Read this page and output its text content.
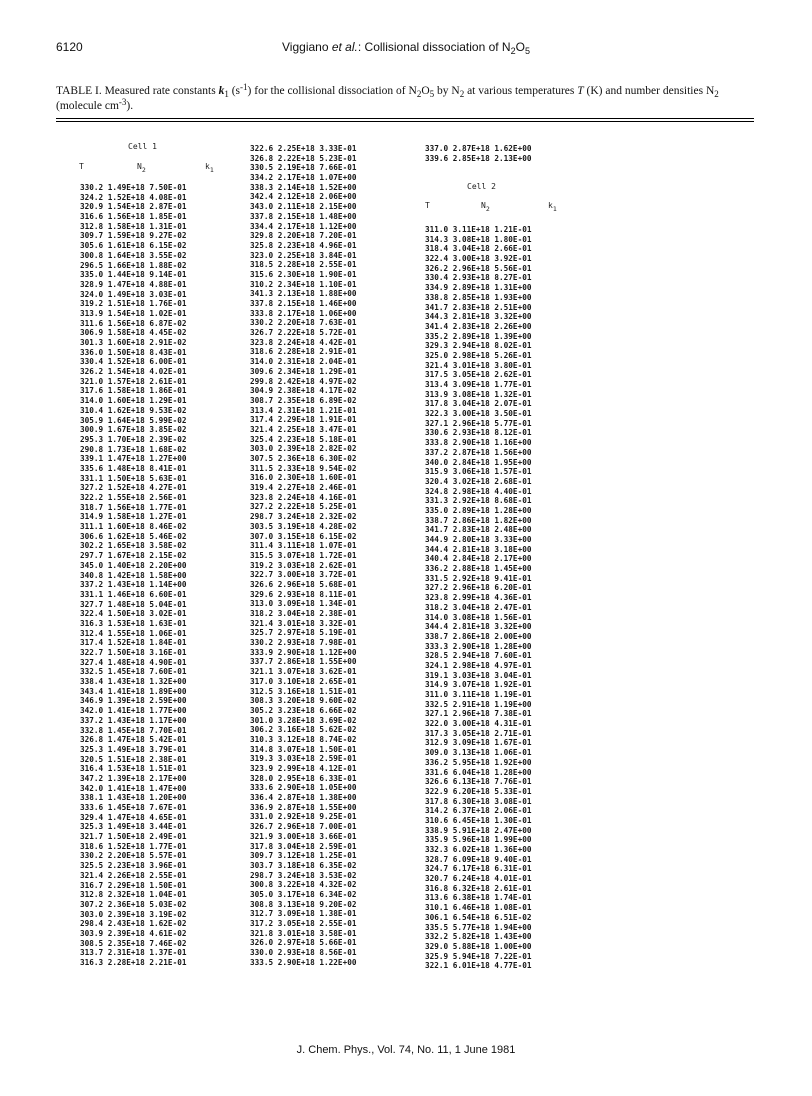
6120	Viggiano et al.: Collisional dissociation of $N_2O_5$
TABLE I. Measured rate constants $k_1$ $(s^{-1})$ for the collisional dissociation of $N_2O_5$ by $N_2$ at various temperatures T (K) and number densities $N_2$ (molecule $cm^{-3}$).
Cell 1
T	$N_2$	$k_1$
Cell 2
T	$N_2$	$k_1$
330.2 1.49E+18 7.50E-01
324.2 1.52E+18 4.08E-01
320.9 1.54E+18 2.87E-01
316.6 1.56E+18 1.85E-01
312.8 1.58E+18 1.31E-01
309.7 1.59E+18 9.27E-02
305.6 1.61E+18 6.15E-02
300.8 1.64E+18 3.55E-02
296.5 1.66E+18 1.88E-02
335.0 1.44E+18 9.14E-01
328.9 1.47E+18 4.88E-01
324.0 1.49E+18 3.03E-01
319.2 1.51E+18 1.76E-01
313.9 1.54E+18 1.02E-01
311.6 1.56E+18 6.87E-02
306.9 1.58E+18 4.45E-02
301.3 1.60E+18 2.91E-02
336.0 1.50E+18 8.43E-01
330.4 1.52E+18 6.00E-01
326.2 1.54E+18 4.02E-01
321.0 1.57E+18 2.61E-01
317.6 1.58E+18 1.86E-01
314.0 1.60E+18 1.29E-01
310.4 1.62E+18 9.53E-02
305.9 1.64E+18 5.99E-02
300.9 1.67E+18 3.85E-02
295.3 1.70E+18 2.39E-02
290.8 1.73E+18 1.68E-02
339.1 1.47E+18 1.27E+00
335.6 1.48E+18 8.41E-01
331.1 1.50E+18 5.63E-01
327.2 1.52E+18 4.27E-01
322.2 1.55E+18 2.56E-01
318.7 1.56E+18 1.77E-01
314.9 1.58E+18 1.27E-01
311.1 1.60E+18 8.46E-02
306.6 1.62E+18 5.46E-02
302.2 1.65E+18 3.58E-02
297.7 1.67E+18 2.15E-02
345.0 1.40E+18 2.20E+00
340.8 1.42E+18 1.58E+00
337.2 1.43E+18 1.14E+00
331.1 1.46E+18 6.60E-01
327.7 1.48E+18 5.04E-01
322.4 1.50E+18 3.02E-01
316.3 1.53E+18 1.63E-01
312.4 1.55E+18 1.06E-01
317.4 1.52E+18 1.84E-01
322.7 1.50E+18 3.16E-01
327.4 1.48E+18 4.90E-01
332.5 1.45E+18 7.60E-01
338.4 1.43E+18 1.32E+00
343.4 1.41E+18 1.89E+00
346.9 1.39E+18 2.59E+00
342.0 1.41E+18 1.77E+00
337.2 1.43E+18 1.17E+00
332.8 1.45E+18 7.70E-01
326.8 1.47E+18 5.42E-01
325.3 1.49E+18 3.79E-01
320.5 1.51E+18 2.38E-01
316.4 1.53E+18 1.51E-01
347.2 1.39E+18 2.17E+00
342.0 1.41E+18 1.47E+00
338.1 1.43E+18 1.20E+00
333.6 1.45E+18 7.67E-01
329.4 1.47E+18 4.65E-01
325.3 1.49E+18 3.44E-01
321.7 1.50E+18 2.49E-01
318.6 1.52E+18 1.77E-01
330.2 2.20E+18 5.57E-01
325.5 2.23E+18 3.96E-01
321.4 2.26E+18 2.55E-01
316.7 2.29E+18 1.50E-01
312.8 2.32E+18 1.04E-01
307.2 2.36E+18 5.03E-02
303.0 2.39E+18 3.19E-02
298.4 2.43E+18 1.62E-02
303.9 2.39E+18 4.61E-02
308.5 2.35E+18 7.46E-02
313.7 2.31E+18 1.37E-01
316.3 2.28E+18 2.21E-01
322.6 2.25E+18 3.33E-01
326.8 2.22E+18 5.23E-01
330.5 2.19E+18 7.66E-01
334.2 2.17E+18 1.07E+00
338.3 2.14E+18 1.52E+00
342.4 2.12E+18 2.06E+00
343.0 2.11E+18 2.15E+00
337.8 2.15E+18 1.48E+00
334.4 2.17E+18 1.12E+00
329.8 2.20E+18 7.20E-01
325.8 2.23E+18 4.96E-01
323.0 2.25E+18 3.84E-01
318.5 2.28E+18 2.55E-01
315.6 2.30E+18 1.90E-01
310.2 2.34E+18 1.10E-01
341.3 2.13E+18 1.88E+00
337.8 2.15E+18 1.46E+00
333.8 2.17E+18 1.06E+00
330.2 2.20E+18 7.63E-01
326.7 2.22E+18 5.72E-01
323.8 2.24E+18 4.42E-01
318.6 2.28E+18 2.91E-01
314.0 2.31E+18 2.04E-01
309.6 2.34E+18 1.29E-01
299.8 2.42E+18 4.97E-02
304.9 2.38E+18 4.17E-02
308.7 2.35E+18 6.89E-02
313.4 2.31E+18 1.21E-01
317.4 2.29E+18 1.91E-01
321.4 2.25E+18 3.47E-01
325.4 2.23E+18 5.18E-01
303.0 2.39E+18 2.82E-02
307.5 2.36E+18 6.30E-02
311.5 2.33E+18 9.54E-02
316.0 2.30E+18 1.60E-01
319.4 2.27E+18 2.46E-01
323.8 2.24E+18 4.16E-01
327.2 2.22E+18 5.25E-01
298.7 3.24E+18 2.32E-02
303.5 3.19E+18 4.28E-02
307.0 3.15E+18 6.15E-02
311.4 3.11E+18 1.07E-01
315.5 3.07E+18 1.72E-01
319.2 3.03E+18 2.62E-01
322.7 3.00E+18 3.72E-01
326.6 2.96E+18 5.68E-01
329.6 2.93E+18 8.11E-01
313.0 3.09E+18 1.34E-01
318.2 3.04E+18 2.38E-01
321.4 3.01E+18 3.32E-01
325.7 2.97E+18 5.19E-01
330.2 2.93E+18 7.98E-01
333.9 2.90E+18 1.12E+00
337.7 2.86E+18 1.55E+00
321.1 3.07E+18 3.62E-01
317.0 3.10E+18 2.65E-01
312.5 3.16E+18 1.51E-01
308.3 3.20E+18 9.60E-02
305.2 3.23E+18 6.66E-02
301.0 3.28E+18 3.69E-02
306.2 3.16E+18 5.62E-02
310.3 3.12E+18 8.74E-02
314.8 3.07E+18 1.50E-01
319.3 3.03E+18 2.59E-01
323.9 2.99E+18 4.12E-01
328.0 2.95E+18 6.33E-01
333.6 2.90E+18 1.05E+00
336.4 2.87E+18 1.38E+00
336.9 2.87E+18 1.55E+00
331.0 2.92E+18 9.25E-01
326.7 2.96E+18 7.00E-01
321.9 3.00E+18 3.66E-01
317.8 3.04E+18 2.59E-01
309.7 3.12E+18 1.25E-01
303.7 3.18E+18 6.35E-02
298.7 3.24E+18 3.53E-02
300.8 3.22E+18 4.32E-02
305.0 3.17E+18 6.34E-02
308.8 3.13E+18 9.20E-02
312.7 3.09E+18 1.38E-01
317.2 3.05E+18 2.55E-01
321.8 3.01E+18 3.58E-01
326.0 2.97E+18 5.66E-01
330.0 2.93E+18 8.56E-01
333.5 2.90E+18 1.22E+00
337.0 2.87E+18 1.62E+00
339.6 2.85E+18 2.13E+00
311.0 3.11E+18 1.21E-01
314.3 3.08E+18 1.80E-01
318.4 3.04E+18 2.66E-01
322.4 3.00E+18 3.92E-01
326.2 2.96E+18 5.56E-01
330.4 2.93E+18 8.27E-01
334.9 2.89E+18 1.31E+00
338.8 2.85E+18 1.93E+00
341.7 2.83E+18 2.51E+00
344.3 2.81E+18 3.32E+00
341.4 2.83E+18 2.26E+00
335.2 2.89E+18 1.39E+00
329.3 2.94E+18 8.02E-01
325.0 2.98E+18 5.26E-01
321.4 3.01E+18 3.80E-01
317.5 3.05E+18 2.62E-01
313.4 3.09E+18 1.77E-01
313.9 3.08E+18 1.32E-01
317.8 3.04E+18 2.07E-01
322.3 3.00E+18 3.50E-01
327.1 2.96E+18 5.77E-01
330.6 2.93E+18 8.12E-01
333.8 2.90E+18 1.16E+00
337.2 2.87E+18 1.56E+00
340.0 2.84E+18 1.95E+00
315.9 3.06E+18 1.57E-01
320.4 3.02E+18 2.68E-01
324.8 2.98E+18 4.40E-01
331.3 2.92E+18 8.68E-01
335.0 2.89E+18 1.28E+00
338.7 2.86E+18 1.82E+00
341.7 2.83E+18 2.48E+00
344.9 2.80E+18 3.33E+00
344.4 2.81E+18 3.18E+00
340.4 2.84E+18 2.17E+00
336.2 2.88E+18 1.45E+00
331.5 2.92E+18 9.41E-01
327.2 2.96E+18 6.20E-01
323.8 2.99E+18 4.36E-01
318.2 3.04E+18 2.47E-01
314.0 3.08E+18 1.56E-01
344.4 2.81E+18 3.32E+00
338.7 2.86E+18 2.00E+00
333.3 2.90E+18 1.28E+00
328.5 2.94E+18 7.60E-01
324.1 2.98E+18 4.97E-01
319.1 3.03E+18 3.04E-01
314.9 3.07E+18 1.92E-01
311.0 3.11E+18 1.19E-01
332.5 2.91E+18 1.19E+00
327.1 2.96E+18 7.38E-01
322.0 3.00E+18 4.31E-01
317.3 3.05E+18 2.71E-01
312.9 3.09E+18 1.67E-01
309.0 3.13E+18 1.06E-01
336.2 5.95E+18 1.92E+00
331.6 6.04E+18 1.28E+00
326.6 6.13E+18 7.76E-01
322.9 6.20E+18 5.33E-01
317.8 6.30E+18 3.08E-01
314.2 6.37E+18 2.06E-01
310.6 6.45E+18 1.30E-01
338.9 5.91E+18 2.47E+00
335.9 5.96E+18 1.99E+00
332.3 6.02E+18 1.36E+00
328.7 6.09E+18 9.40E-01
324.7 6.17E+18 6.31E-01
320.7 6.24E+18 4.01E-01
316.8 6.32E+18 2.61E-01
313.6 6.38E+18 1.74E-01
310.1 6.46E+18 1.08E-01
306.1 6.54E+18 6.51E-02
335.5 5.77E+18 1.94E+00
332.2 5.82E+18 1.43E+00
329.0 5.88E+18 1.00E+00
325.9 5.94E+18 7.22E-01
322.1 6.01E+18 4.77E-01
J. Chem. Phys., Vol. 74, No. 11, 1 June 1981
